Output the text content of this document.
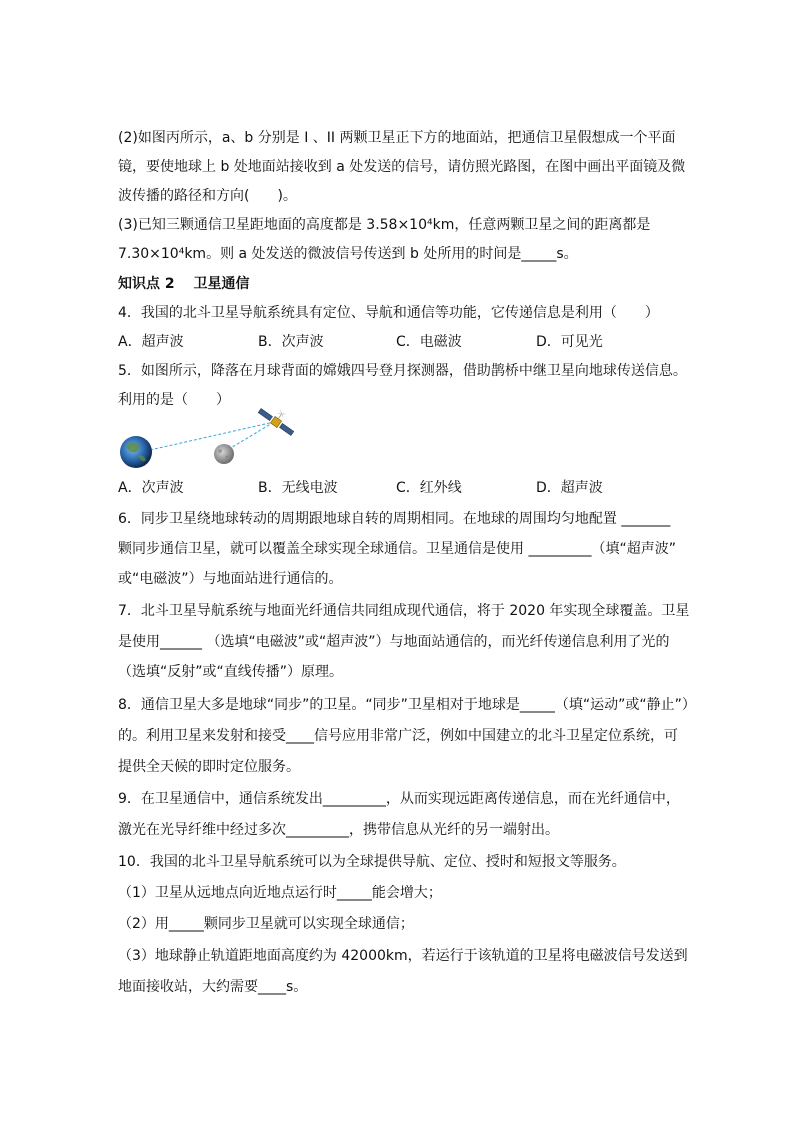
(2)如图丙所示，a、b 分别是 I 、II 两颗卫星正下方的地面站，把通信卫星假想成一个平面
镜，要使地球上 b 处地面站接收到 a 处发送的信号，请仿照光路图，在图中画出平面镜及微
波传播的路径和方向(　　)。
(3)已知三颗通信卫星距地面的高度都是 3.58×10⁴km，任意两颗卫星之间的距离都是
7.30×10⁴km。则 a 处发送的微波信号传送到 b 处所用的时间是_____s。
知识点 2　 卫星通信
4．我国的北斗卫星导航系统具有定位、导航和通信等功能，它传递信息是利用（　　）
A．超声波	B．次声波	C．电磁波	D．可见光
5．如图所示，降落在月球背面的嫦娥四号登月探测器，借助鹊桥中继卫星向地球传送信息。
利用的是（　　）
A．次声波	B．无线电波	C．红外线	D．超声波
6．同步卫星绕地球转动的周期跟地球自转的周期相同。在地球的周围均匀地配置 _______
颗同步通信卫星，就可以覆盖全球实现全球通信。卫星通信是使用 _________（填“超声波”
或“电磁波”）与地面站进行通信的。
7．北斗卫星导航系统与地面光纤通信共同组成现代通信，将于 2020 年实现全球覆盖。卫星
是使用______ （选填“电磁波”或“超声波”）与地面站通信的，而光纤传递信息利用了光的
（选填“反射”或“直线传播”）原理。
8．通信卫星大多是地球“同步”的卫星。“同步”卫星相对于地球是_____（填“运动”或“静止”）
的。利用卫星来发射和接受____信号应用非常广泛，例如中国建立的北斗卫星定位系统，可
提供全天候的即时定位服务。
9．在卫星通信中，通信系统发出_________，从而实现远距离传递信息，而在光纤通信中，
激光在光导纤维中经过多次_________，携带信息从光纤的另一端射出。
10．我国的北斗卫星导航系统可以为全球提供导航、定位、授时和短报文等服务。
（1）卫星从远地点向近地点运行时_____能会增大；
（2）用_____颗同步卫星就可以实现全球通信；
（3）地球静止轨道距地面高度约为 42000km，若运行于该轨道的卫星将电磁波信号发送到
地面接收站，大约需要____s。
